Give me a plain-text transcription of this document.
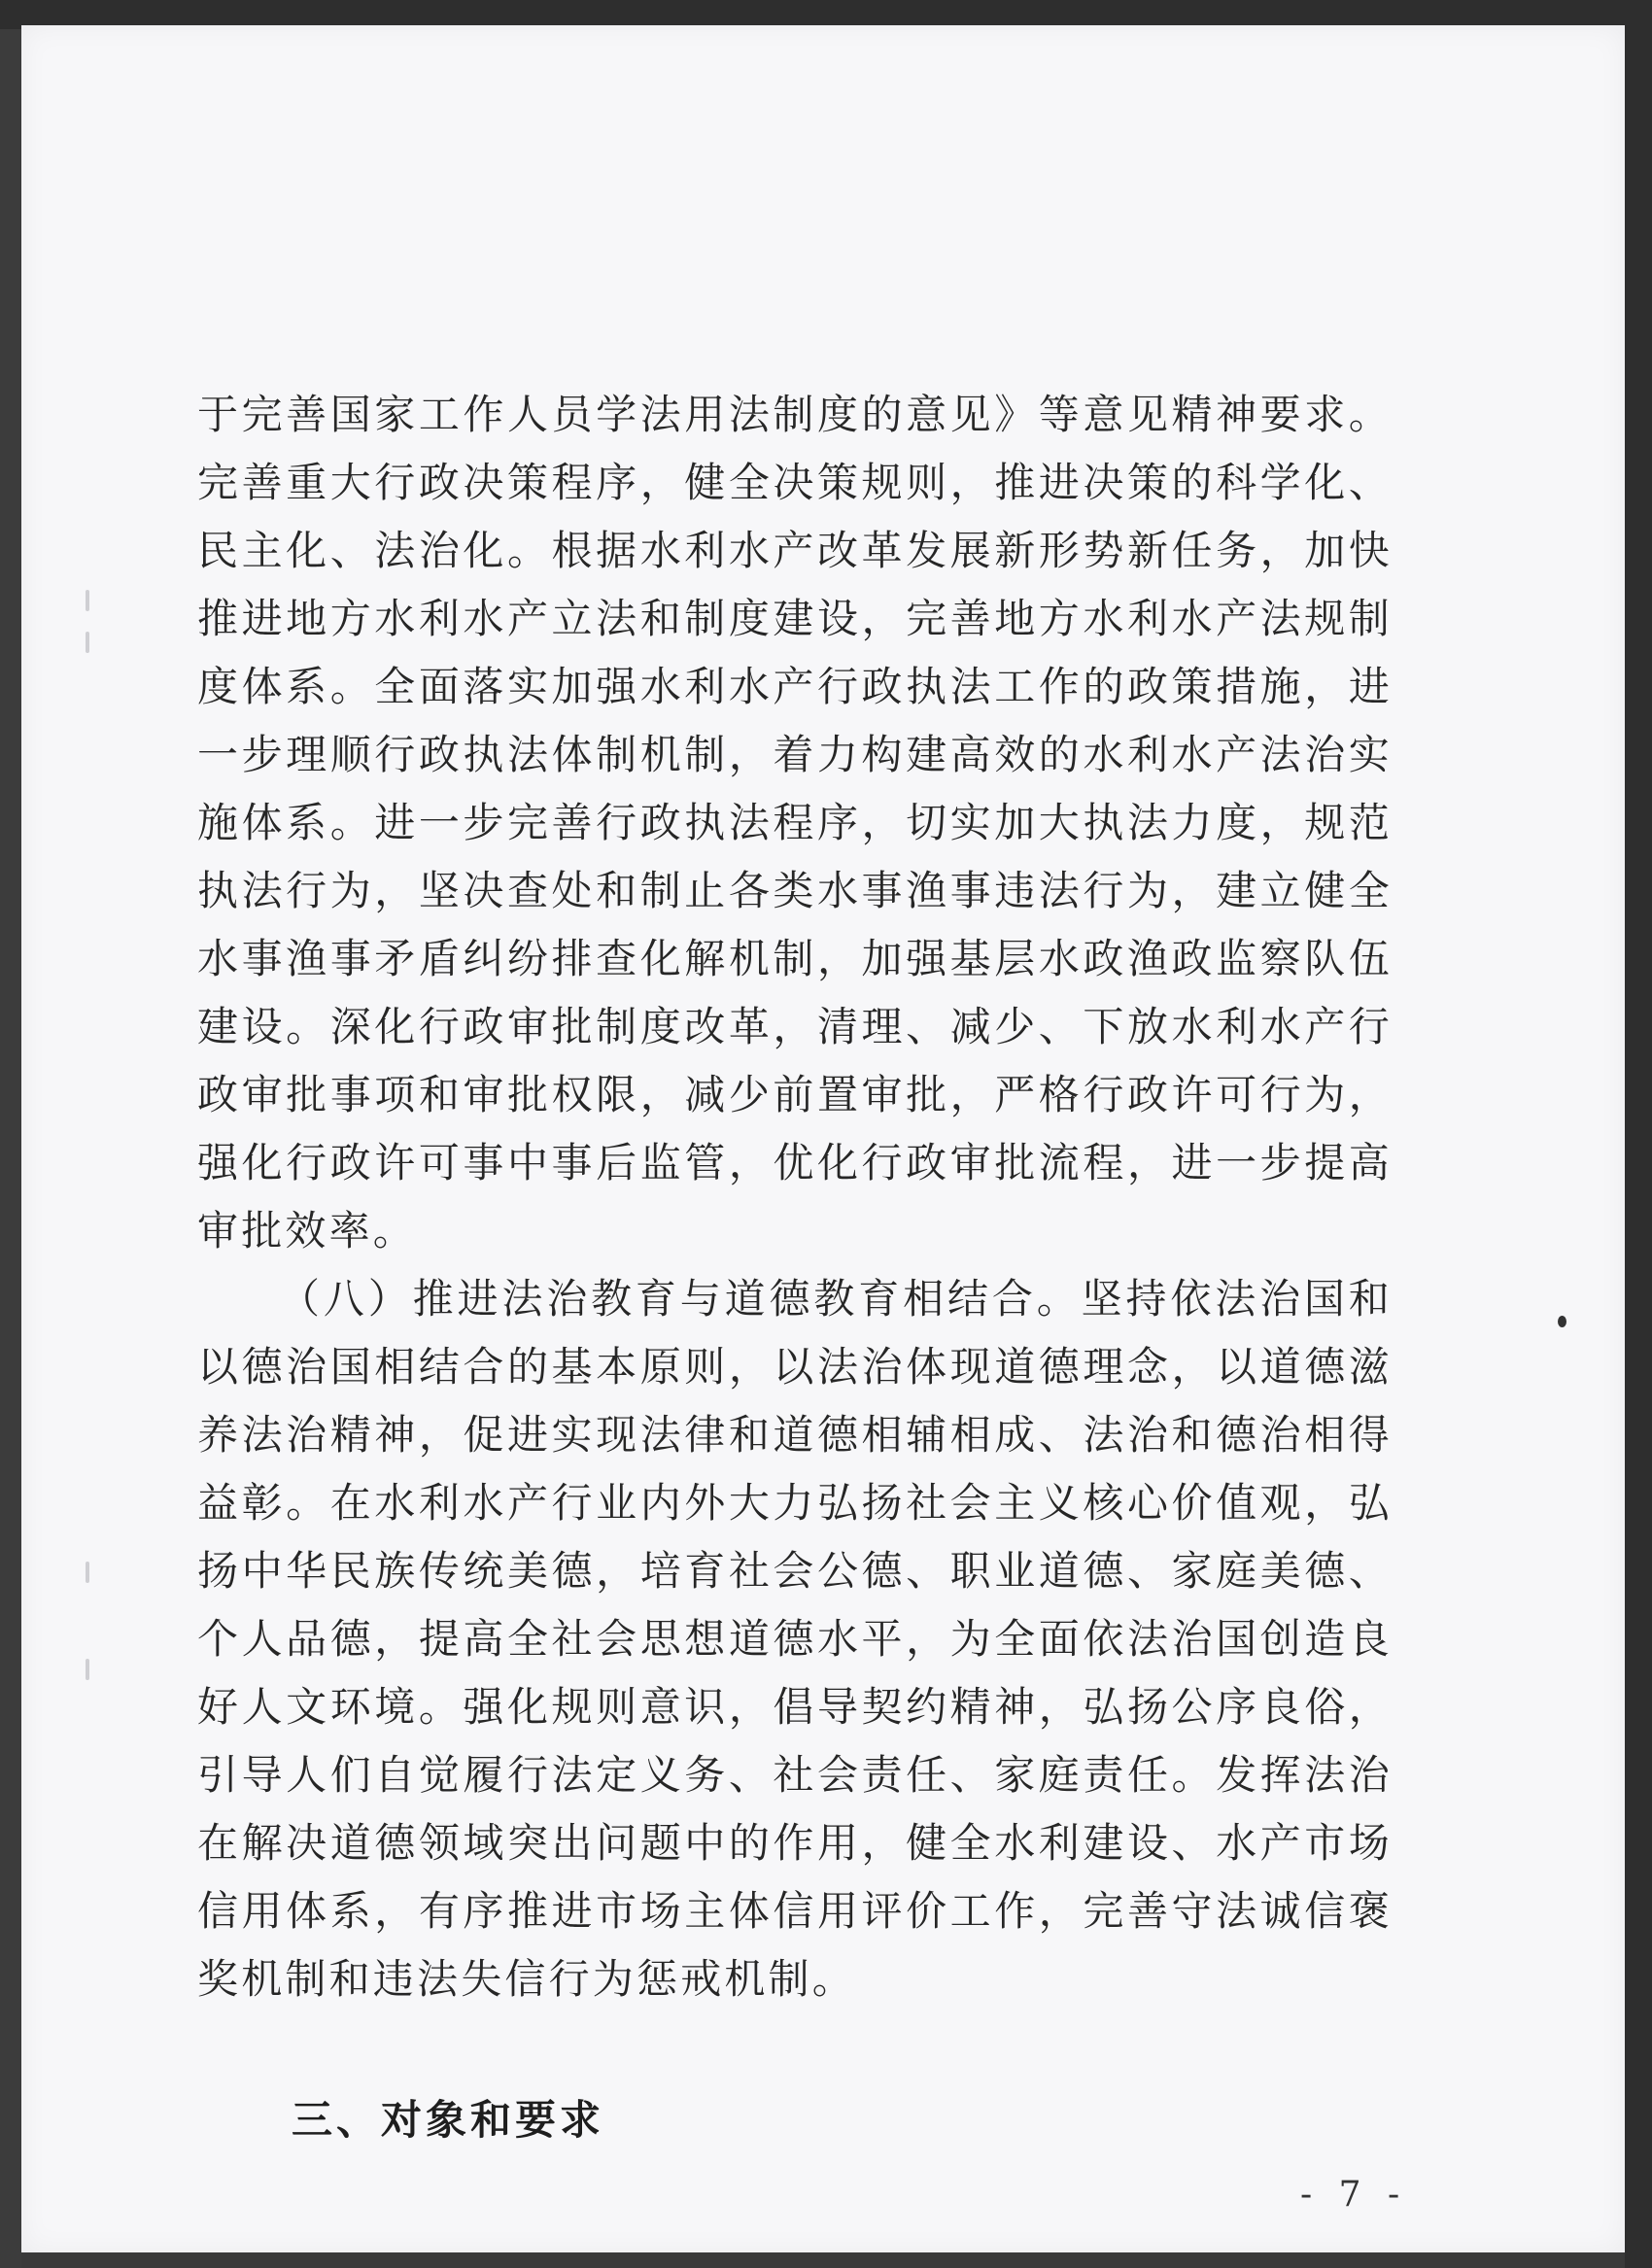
于完善国家工作人员学法用法制度的意见》等意见精神要求。完善重大行政决策程序，健全决策规则，推进决策的科学化、民主化、法治化。根据水利水产改革发展新形势新任务，加快推进地方水利水产立法和制度建设，完善地方水利水产法规制度体系。全面落实加强水利水产行政执法工作的政策措施，进一步理顺行政执法体制机制，着力构建高效的水利水产法治实施体系。进一步完善行政执法程序，切实加大执法力度，规范执法行为，坚决查处和制止各类水事渔事违法行为，建立健全水事渔事矛盾纠纷排查化解机制，加强基层水政渔政监察队伍建设。深化行政审批制度改革，清理、减少、下放水利水产行政审批事项和审批权限，减少前置审批，严格行政许可行为，强化行政许可事中事后监管，优化行政审批流程，进一步提高审批效率。

（八）推进法治教育与道德教育相结合。坚持依法治国和以德治国相结合的基本原则，以法治体现道德理念，以道德滋养法治精神，促进实现法律和道德相辅相成、法治和德治相得益彰。在水利水产行业内外大力弘扬社会主义核心价值观，弘扬中华民族传统美德，培育社会公德、职业道德、家庭美德、个人品德，提高全社会思想道德水平，为全面依法治国创造良好人文环境。强化规则意识，倡导契约精神，弘扬公序良俗，引导人们自觉履行法定义务、社会责任、家庭责任。发挥法治在解决道德领域突出问题中的作用，健全水利建设、水产市场信用体系，有序推进市场主体信用评价工作，完善守法诚信褒奖机制和违法失信行为惩戒机制。

三、对象和要求
- 7 -
